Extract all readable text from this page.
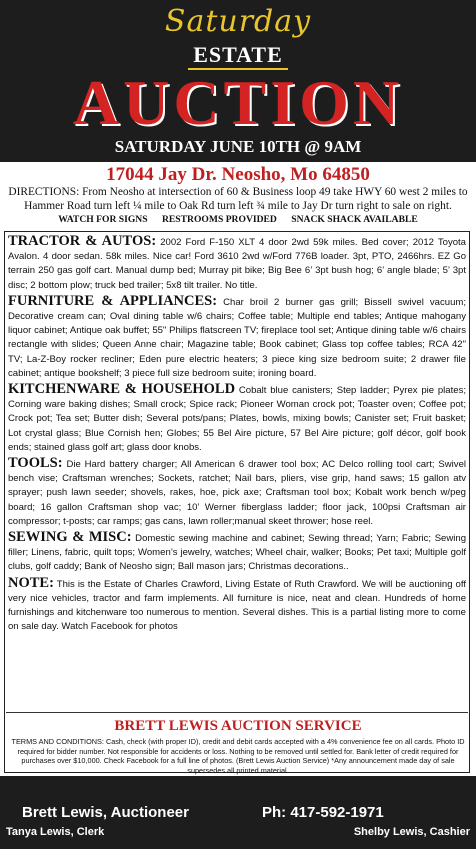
Saturday
ESTATE
AUCTION
SATURDAY JUNE 10TH @ 9AM
17044 Jay Dr. Neosho, Mo 64850
DIRECTIONS: From Neosho at intersection of 60 & Business loop 49 take HWY 60 west 2 miles to Hammer Road turn left ¼ mile to Oak Rd turn left ¾ mile to Jay Dr turn right to sale on right.
WATCH FOR SIGNS RESTROOMS PROVIDED SNACK SHACK AVAILABLE
TRACTOR & AUTOS: 2002 Ford F-150 XLT 4 door 2wd 59k miles. Bed cover; 2012 Toyota Avalon. 4 door sedan. 58k miles. Nice car! Ford 3610 2wd w/Ford 776B loader. 3pt, PTO, 2466hrs. EZ Go terrain 250 gas golf cart. Manual dump bed; Murray pit bike; Big Bee 6’ 3pt bush hog; 6’ angle blade; 5’ 3pt disc; 2 bottom plow; truck bed trailer; 5x8 tilt trailer. No title.
FURNITURE & APPLIANCES: Char broil 2 burner gas grill; Bissell swivel vacuum; Decorative cream can; Oval dining table w/6 chairs; Coffee table; Multiple end tables; Antique mahogany liquor cabinet; Antique oak buffet; 55" Philips flatscreen TV; fireplace tool set; Antique dining table w/6 chairs rectangle with slides; Queen Anne chair; Magazine table; Book cabinet; Glass top coffee tables; RCA 42" TV; La-Z-Boy rocker recliner; Eden pure electric heaters; 3 piece king size bedroom suite; 2 drawer file cabinet; antique bookshelf; 3 piece full size bedroom suite; ironing board.
KITCHENWARE & HOUSEHOLD Cobalt blue canisters; Step ladder; Pyrex pie plates; Corning ware baking dishes; Small crock; Spice rack; Pioneer Woman crock pot; Toaster oven; Coffee pot; Crock pot; Tea set; Butter dish; Several pots/pans; Plates, bowls, mixing bowls; Canister set; Fruit basket; Lot crystal glass; Blue Cornish hen; Globes; 55 Bel Aire picture, 57 Bel Aire picture; golf décor, golf book ends; stained glass golf art; glass door knobs.
TOOLS: Die Hard battery charger; All American 6 drawer tool box; AC Delco rolling tool cart; Swivel bench vise; Craftsman wrenches; Sockets, ratchet; Nail bars, pliers, vise grip, hand saws; 15 gallon atv sprayer; push lawn seeder; shovels, rakes, hoe, pick axe; Craftsman tool box; Kobalt work bench w/peg board; 16 gallon Craftsman shop vac; 10’ Werner fiberglass ladder; floor jack, 100psi Craftsman air compressor; t-posts; car ramps; gas cans, lawn roller;manual skeet thrower; hose reel.
SEWING & MISC: Domestic sewing machine and cabinet; Sewing thread; Yarn; Fabric; Sewing filler; Linens, fabric, quilt tops; Women’s jewelry, watches; Wheel chair, walker; Books; Pet taxi; Multiple golf clubs, golf caddy; Bank of Neosho sign; Ball mason jars; Christmas decorations..
NOTE: This is the Estate of Charles Crawford, Living Estate of Ruth Crawford. We will be auctioning off very nice vehicles, tractor and farm implements. All furniture is nice, neat and clean. Hundreds of home furnishings and kitchenware too numerous to mention. Several dishes. This is a partial listing more to come on sale day. Watch Facebook for photos
BRETT LEWIS AUCTION SERVICE
TERMS AND CONDITIONS: Cash, check (with proper ID), credit and debit cards accepted with a 4% convenience fee on all cards. Photo ID required for bidder number. Not responsible for accidents or loss. Nothing to be removed until settled for. Bank letter of credit required for purchases over $10,000. Check Facebook for a full line of photos. (Brett Lewis Auction Service) *Any announcement made day of sale supersedes all printed material.
Brett Lewis, Auctioneer	Ph: 417-592-1971
Tanya Lewis, Clerk	Shelby Lewis, Cashier
